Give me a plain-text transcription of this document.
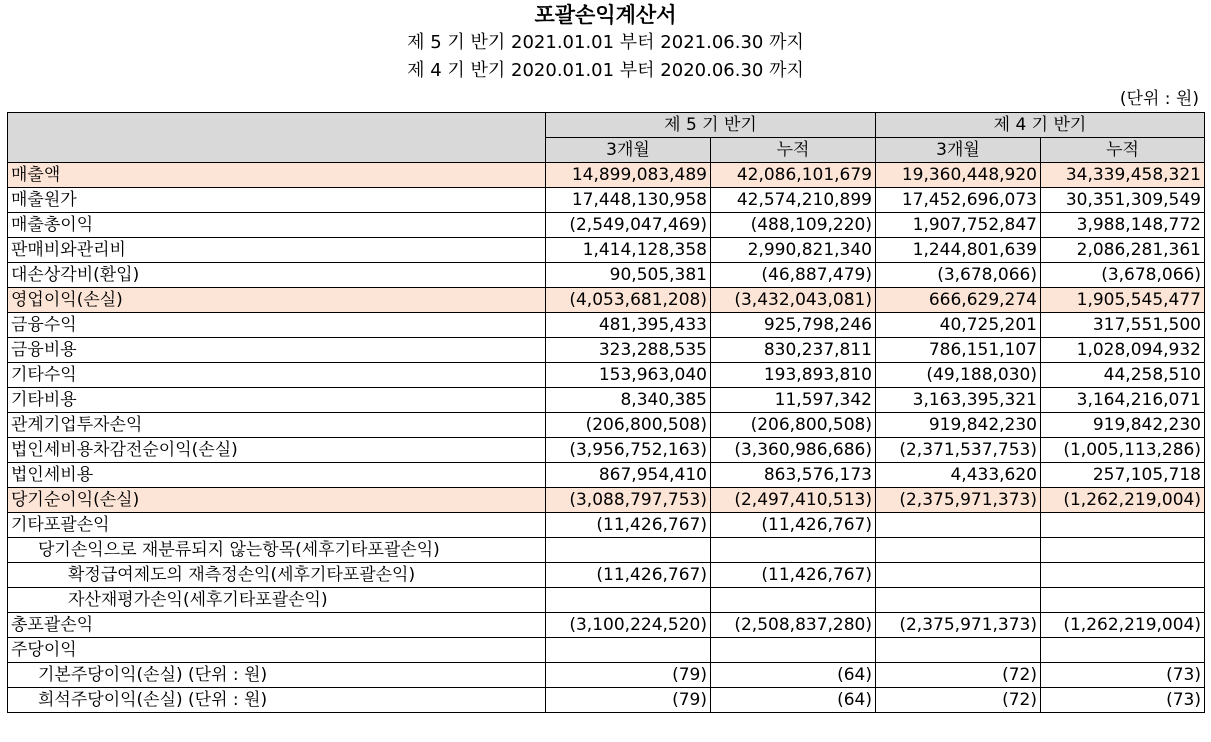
포괄손익계산서
제 5 기 반기 2021.01.01 부터 2021.06.30 까지
제 4 기 반기 2020.01.01 부터 2020.06.30 까지
(단위 : 원)
	제 5 기 반기		제 4 기 반기	
	3개월	누적	3개월	누적
매출액	14,899,083,489	42,086,101,679	19,360,448,920	34,339,458,321
매출원가	17,448,130,958	42,574,210,899	17,452,696,073	30,351,309,549
매출총이익	(2,549,047,469)	(488,109,220)	1,907,752,847	3,988,148,772
판매비와관리비	1,414,128,358	2,990,821,340	1,244,801,639	2,086,281,361
대손상각비(환입)	90,505,381	(46,887,479)	(3,678,066)	(3,678,066)
영업이익(손실)	(4,053,681,208)	(3,432,043,081)	666,629,274	1,905,545,477
금융수익	481,395,433	925,798,246	40,725,201	317,551,500
금융비용	323,288,535	830,237,811	786,151,107	1,028,094,932
기타수익	153,963,040	193,893,810	(49,188,030)	44,258,510
기타비용	8,340,385	11,597,342	3,163,395,321	3,164,216,071
관계기업투자손익	(206,800,508)	(206,800,508)	919,842,230	919,842,230
법인세비용차감전순이익(손실)	(3,956,752,163)	(3,360,986,686)	(2,371,537,753)	(1,005,113,286)
법인세비용	867,954,410	863,576,173	4,433,620	257,105,718
당기순이익(손실)	(3,088,797,753)	(2,497,410,513)	(2,375,971,373)	(1,262,219,004)
기타포괄손익	(11,426,767)	(11,426,767)		
당기손익으로 재분류되지 않는항목(세후기타포괄손익)				
확정급여제도의 재측정손익(세후기타포괄손익)	(11,426,767)	(11,426,767)		
자산재평가손익(세후기타포괄손익)				
총포괄손익	(3,100,224,520)	(2,508,837,280)	(2,375,971,373)	(1,262,219,004)
주당이익				
기본주당이익(손실) (단위 : 원)	(79)	(64)	(72)	(73)
희석주당이익(손실) (단위 : 원)	(79)	(64)	(72)	(73)
